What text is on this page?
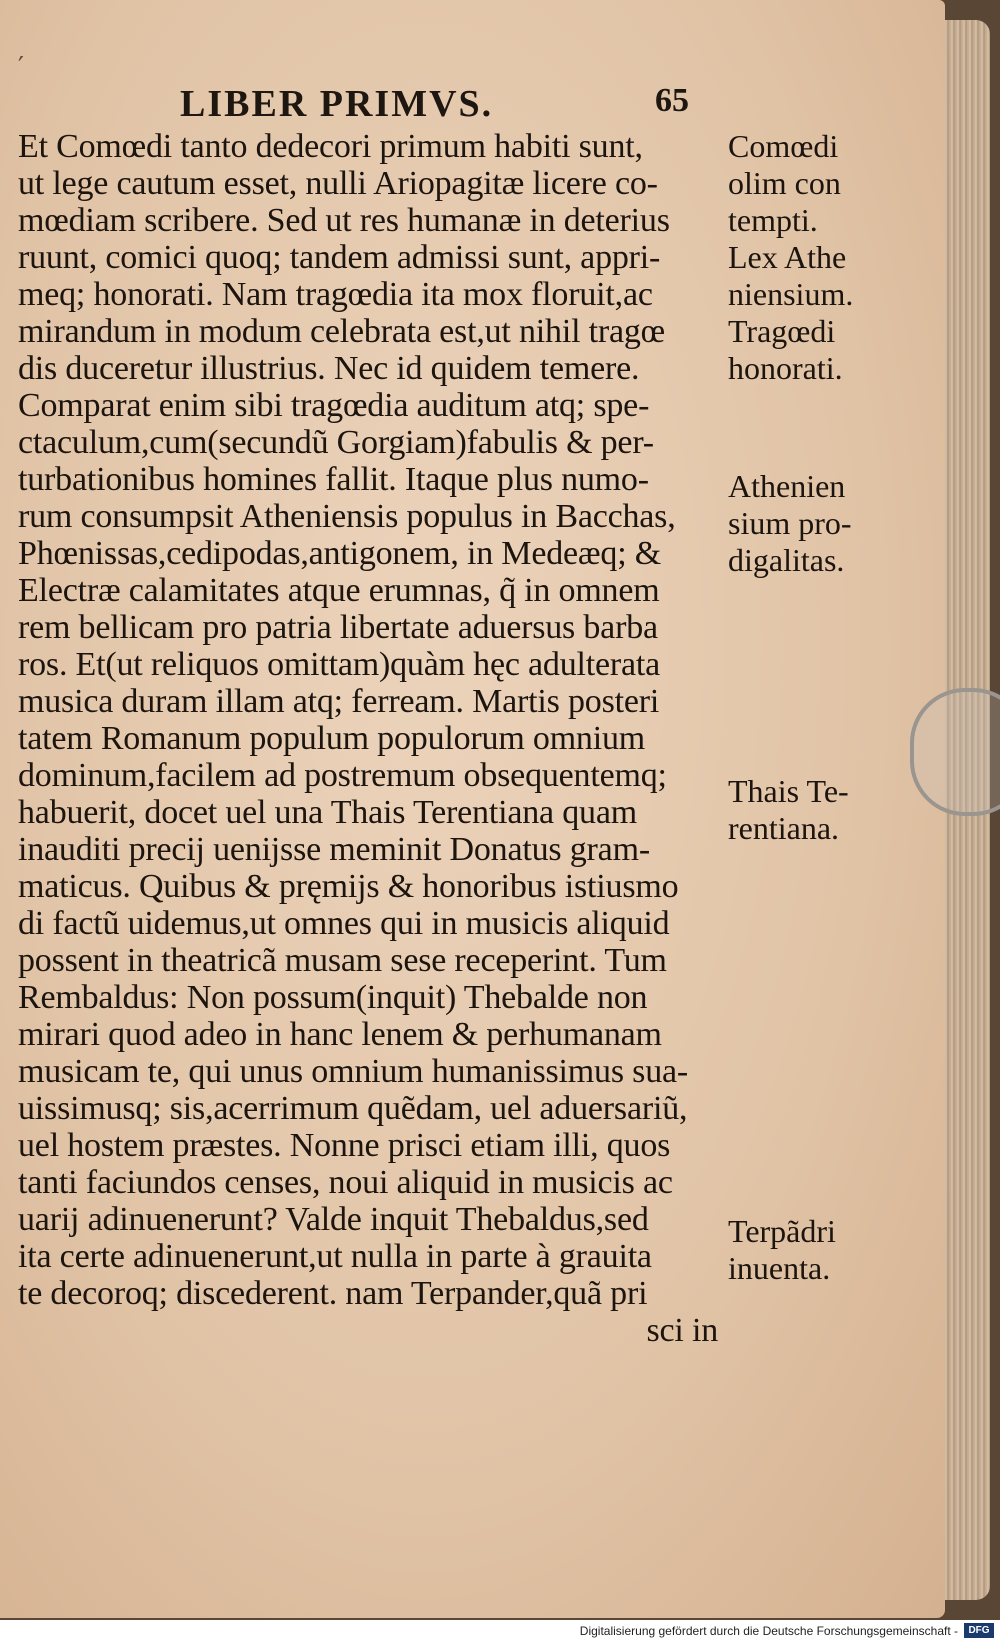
′
LIBER PRIMVS.	65
Et Comœdi tanto dedecori primum habiti sunt,
ut lege cautum esset, nulli Ariopagitæ licere co-
mœdiam scribere. Sed ut res humanæ in deterius
ruunt, comici quoq; tandem admissi sunt, appri-
meq; honorati. Nam tragœdia ita mox floruit,ac
mirandum in modum celebrata est,ut nihil tragœ
dis duceretur illustrius. Nec id quidem temere.
Comparat enim sibi tragœdia auditum atq; spe-
ctaculum,cum(secundũ Gorgiam)fabulis & per-
turbationibus homines fallit. Itaque plus numo-
rum consumpsit Atheniensis populus in Bacchas,
Phœnissas,cedipodas,antigonem, in Medeæq; &
Electræ calamitates atque erumnas, q̃ in omnem
rem bellicam pro patria libertate aduersus barba
ros. Et(ut reliquos omittam)quàm hęc adulterata
musica duram illam atq; ferream. Martis posteri
tatem Romanum populum populorum omnium
dominum,facilem ad postremum obsequentemq;
habuerit, docet uel una Thais Terentiana quam
inauditi precij uenijsse meminit Donatus gram-
maticus. Quibus & pręmijs & honoribus istiusmo
di factũ uidemus,ut omnes qui in musicis aliquid
possent in theatricã musam sese receperint. Tum
Rembaldus: Non possum(inquit) Thebalde non
mirari quod adeo in hanc lenem & perhumanam
musicam te, qui unus omnium humanissimus sua-
uissimusq; sis,acerrimum quẽdam, uel aduersariũ,
uel hostem præstes. Nonne prisci etiam illi, quos
tanti faciundos censes, noui aliquid in musicis ac
uarij adinuenerunt? Valde inquit Thebaldus,sed
ita certe adinuenerunt,ut nulla in parte à grauita
te decoroq; discederent. nam Terpander,quã pri
sci in
Comœdi
olim con
tempti.
Lex Athe
niensium.
Tragœdi
honorati.
Athenien
sium pro-
digalitas.
Thais Te-
rentiana.
Terpãdri
inuenta.
Digitalisierung gefördert durch die Deutsche Forschungsgemeinschaft -	DFG
